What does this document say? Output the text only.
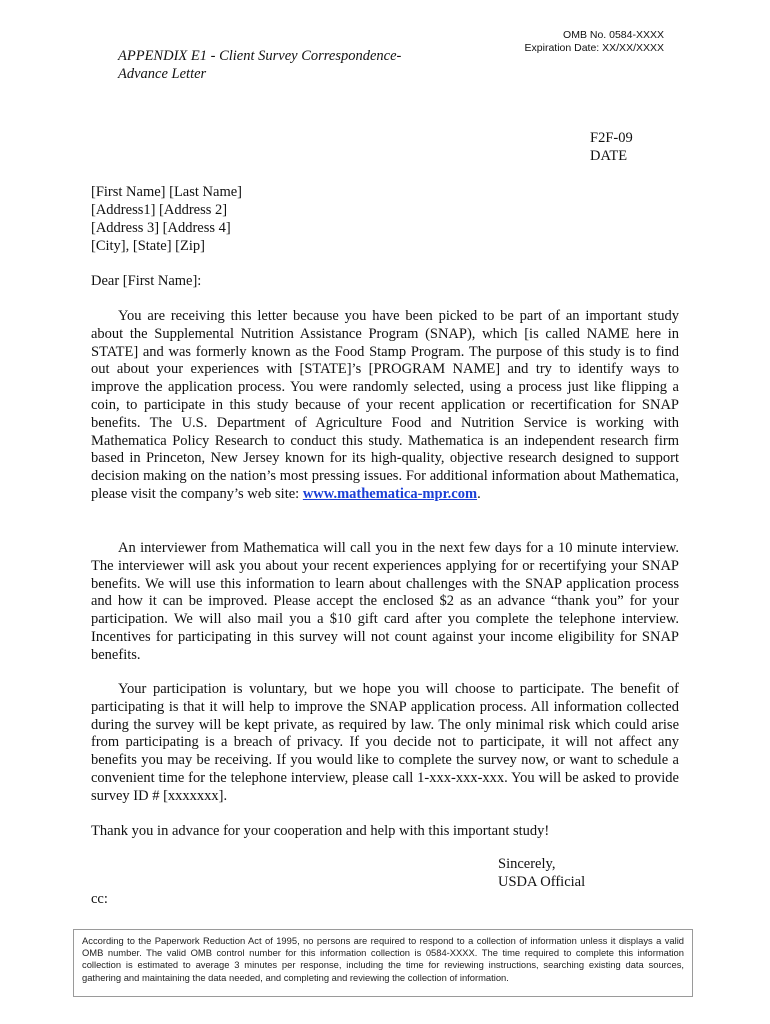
OMB No. 0584-XXXX
Expiration Date: XX/XX/XXXX
APPENDIX E1 - Client Survey Correspondence-Advance Letter
F2F-09
DATE
[First Name] [Last Name]
[Address1] [Address 2]
[Address 3] [Address 4]
[City], [State] [Zip]
Dear [First Name]:
You are receiving this letter because you have been picked to be part of an important study about the Supplemental Nutrition Assistance Program (SNAP), which [is called NAME here in STATE] and was formerly known as the Food Stamp Program. The purpose of this study is to find out about your experiences with [STATE]’s [PROGRAM NAME] and try to identify ways to improve the application process. You were randomly selected, using a process just like flipping a coin, to participate in this study because of your recent application or recertification for SNAP benefits. The U.S. Department of Agriculture Food and Nutrition Service is working with Mathematica Policy Research to conduct this study. Mathematica is an independent research firm based in Princeton, New Jersey known for its high-quality, objective research designed to support decision making on the nation’s most pressing issues. For additional information about Mathematica, please visit the company’s web site: www.mathematica-mpr.com.
An interviewer from Mathematica will call you in the next few days for a 10 minute interview. The interviewer will ask you about your recent experiences applying for or recertifying your SNAP benefits. We will use this information to learn about challenges with the SNAP application process and how it can be improved. Please accept the enclosed $2 as an advance “thank you” for your participation. We will also mail you a $10 gift card after you complete the telephone interview. Incentives for participating in this survey will not count against your income eligibility for SNAP benefits.
Your participation is voluntary, but we hope you will choose to participate. The benefit of participating is that it will help to improve the SNAP application process. All information collected during the survey will be kept private, as required by law. The only minimal risk which could arise from participating is a breach of privacy. If you decide not to participate, it will not affect any benefits you may be receiving. If you would like to complete the survey now, or want to schedule a convenient time for the telephone interview, please call 1-xxx-xxx-xxx. You will be asked to provide survey ID # [xxxxxxx].
Thank you in advance for your cooperation and help with this important study!
Sincerely,
USDA Official
cc:
According to the Paperwork Reduction Act of 1995, no persons are required to respond to a collection of information unless it displays a valid OMB number. The valid OMB control number for this information collection is 0584-XXXX. The time required to complete this information collection is estimated to average 3 minutes per response, including the time for reviewing instructions, searching existing data sources, gathering and maintaining the data needed, and completing and reviewing the collection of information.
